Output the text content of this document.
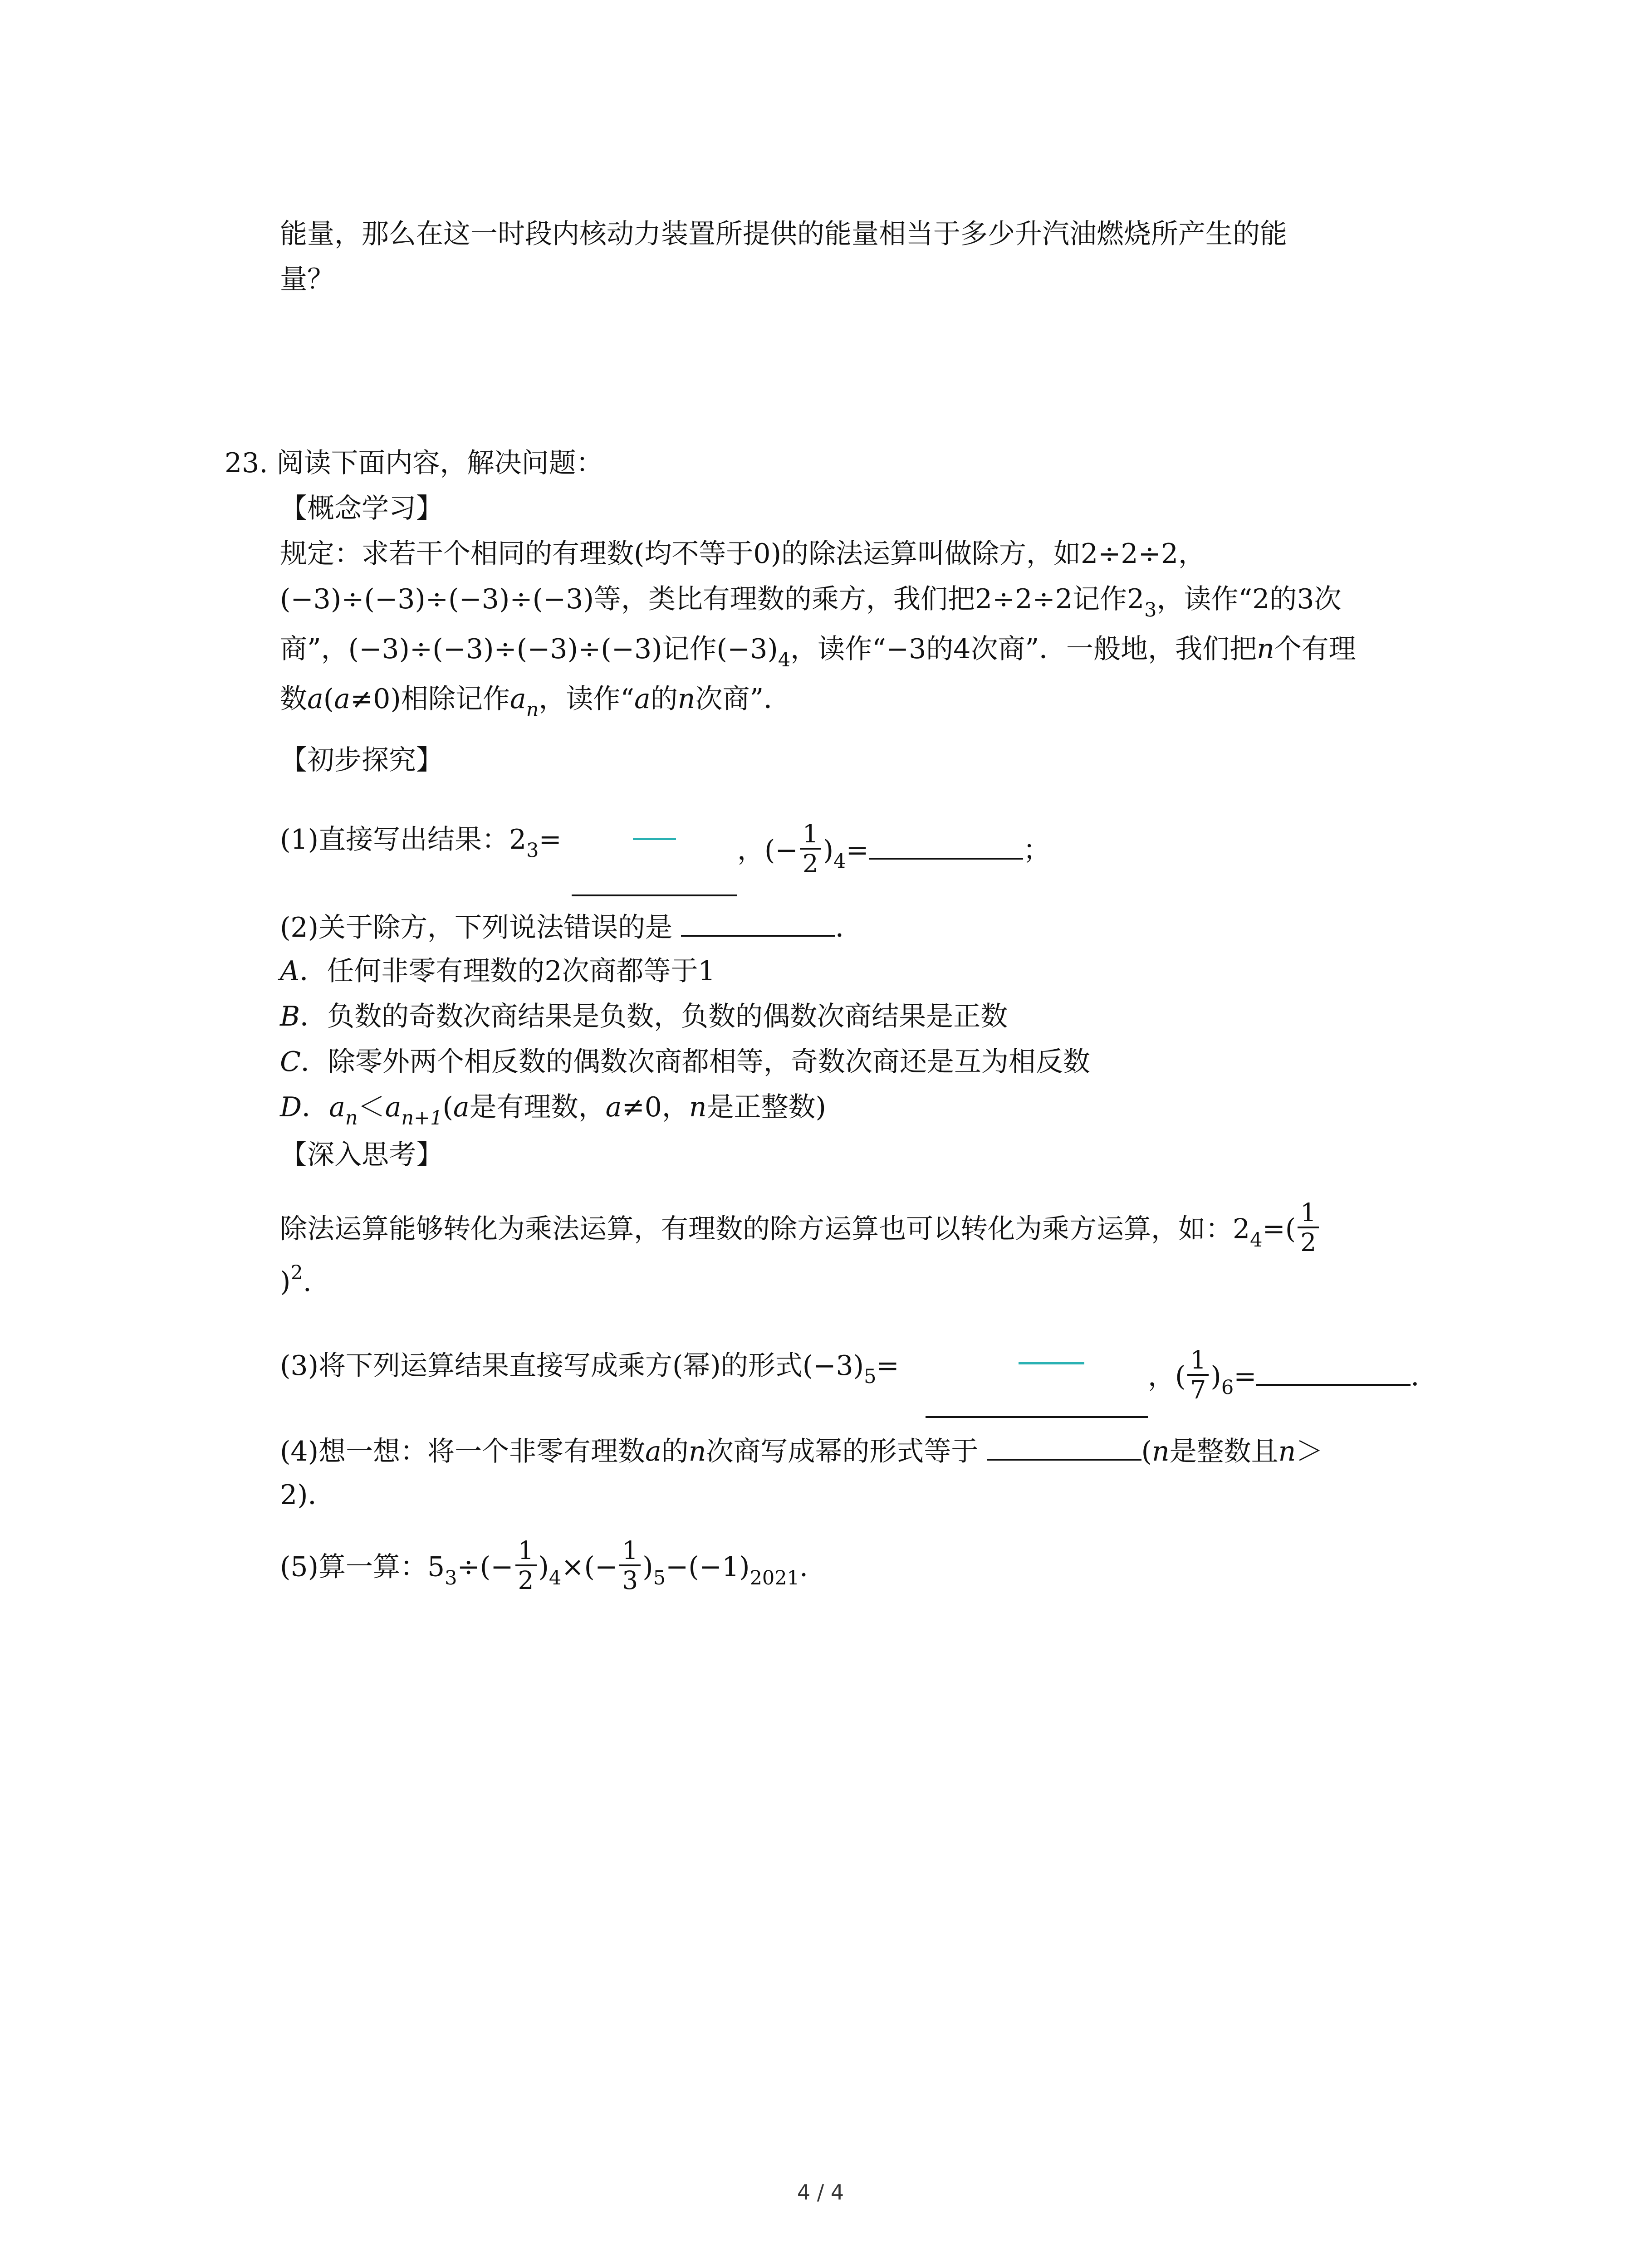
能量，那么在这一时段内核动力装置所提供的能量相当于多少升汽油燃烧所产生的能
量？
23. 阅读下面内容，解决问题：
【概念学习】
规定：求若干个相同的有理数(均不等于0)的除法运算叫做除方，如2÷2÷2，
(−3)÷(−3)÷(−3)÷(−3)等，类比有理数的乘方，我们把2÷2÷2记作$2_3$，读作“2的3次
商”，(−3)÷(−3)÷(−3)÷(−3)记作$(-3)_4$，读作“−3的4次商”．一般地，我们把n个有理
数a(a≠0)相除记作$a_n$，读作“a的n次商”．
【初步探究】
(1)直接写出结果：$2_3=$	，(− $\frac{1}{2} )_4=$	；
(2)关于除方，下列说法错误的是	．
A．任何非零有理数的2次商都等于1
B．负数的奇数次商结果是负数，负数的偶数次商结果是正数
C．除零外两个相反数的偶数次商都相等，奇数次商还是互为相反数
D．$a_n<a_{n+1}(a$是有理数，a≠0，n是正整数)
【深入思考】
除法运算能够转化为乘法运算，有理数的除方运算也可以转化为乘方运算，如：$2_4=( \frac{1}{2}$
)$^2$.
(3)将下列运算结果直接写成乘方(幂)的形式$(-3)_5=$	，( $\frac{1}{7} )_6=$	．
(4)想一想：将一个非零有理数a的n次商写成幂的形式等于	(n是整数且n＞
2)．
(5)算一算：$5_3\div(- \frac{1}{2} )_4\times(- \frac{1}{3} )_5-(-1)_{2021}$.
4 / 4
